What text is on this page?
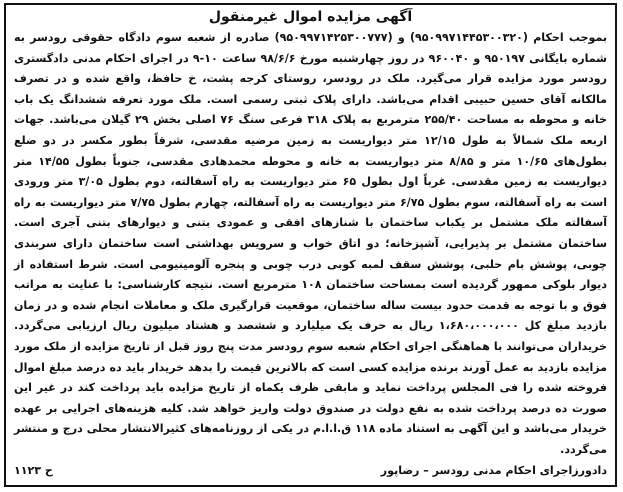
آگهی مزایده اموال غیرمنقول

بموجب احکام (۹۵۰۹۹۷۱۴۴۵۳۰۰۳۲۰) و (۹۵۰۹۹۷۱۴۲۵۳۰۰۷۷۷) صادره از شعبه سوم دادگاه حقوقی رودسر به شماره بایگانی ۹۵۰۱۹۷ و ۹۶۰۰۴۰ در روز چهارشنبه مورخ ۹۸/۶/۶ ساعت ۱۰-۹ در اجرای احکام مدنی دادگستری رودسر مورد مزایده قرار می‌گیرد. ملک در رودسر، روستای کرجه پشت، خ حافظ، واقع شده و در تصرف مالکانه آقای حسین حبیبی اقدام می‌باشد. دارای پلاک ثبتی رسمی است. ملک مورد تعرفه ششدانگ یک باب خانه و محوطه به مساحت ۲۵۵/۴۰ مترمربع به پلاک ۳۱۸ فرعی سنگ ۷۶ اصلی بخش ۲۹ گیلان می‌باشد. جهات اربعه ملک شمالاً به طول ۱۲/۱۵ متر دیواریست به زمین مرضیه مقدسی، شرقاً بطور مکسر در دو ضلع بطول‌های ۱۰/۶۵ متر و ۸/۸۵ متر دیواریست به خانه و محوطه محمدهادی مقدسی، جنوباً بطول ۱۴/۵۵ متر دیواریست به زمین مقدسی. غرباً اول بطول ۶۵ متر دیواریست به راه آسفالته، دوم بطول ۳/۰۵ متر ورودی است به راه آسفالته، سوم بطول ۶/۷۵ متر دیواریست به راه آسفالته، چهارم بطول ۷/۷۵ متر دیواریست به راه آسفالته ملک مشتمل بر یکباب ساختمان با شنازهای افقی و عمودی بتنی و دیوارهای بتنی آجری است. ساختمان مشتمل بر پذیرایی، آشپزخانه؛ دو اتاق خواب و سرویس بهداشتی است ساختمان دارای سربندی چوبی، پوشش بام حلبی، پوشش سقف لمبه کوبی درب چوبی و پنجره آلومینیومی است. شرط استفاده از دیوار بلوکی ممهور گردیده است بمساحت ساختمان ۱۰۸ مترمربع است. نتیجه کارشناسی: با عنایت به مراتب فوق و با توجه به قدمت حدود بیست ساله ساختمان، موقعیت قرارگیری ملک و معاملات انجام شده و در زمان بازدید مبلغ کل ۱،۶۸۰،۰۰۰،۰۰۰ ریال به حرف یک میلیارد و ششصد و هشتاد میلیون ریال ارزیابی می‌گردد. خریداران می‌توانند با هماهنگی اجرای احکام شعبه سوم رودسر مدت پنج روز قبل از تاریخ مزایده از ملک مورد مزایده بازدید به عمل آورند برنده مزایده کسی است که بالاترین قیمت را بدهد خریدار باید ده درصد مبلغ اموال فروخته شده را فی المجلس پرداخت نماید و مابقی ظرف یکماه از تاریخ مزایده باید پرداخت کند در غیر این صورت ده درصد پرداخت شده به نفع دولت در صندوق دولت واریز خواهد شد. کلیه هزینه‌های اجرایی بر عهده خریدار می‌باشد و این آگهی به استناد ماده ۱۱۸ ق.ا.ا.م در یکی از روزنامه‌های کثیرالانتشار محلی درج و منتشر می‌گردد.

دادورزاجرای احکام مدنی رودسر – رضاپور
ح ۱۱۲۳
